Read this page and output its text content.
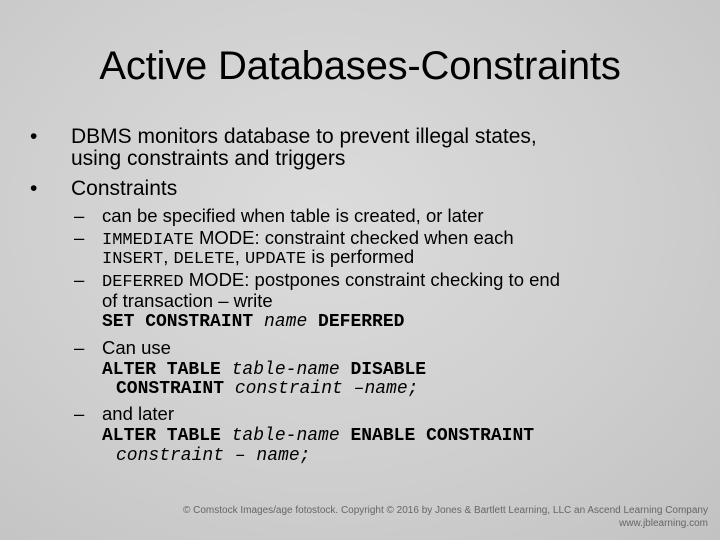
Active Databases-Constraints
• DBMS monitors database to prevent illegal states,
using constraints and triggers
• Constraints
– can be specified when table is created, or later
– IMMEDIATE MODE: constraint checked when each
INSERT, DELETE, UPDATE is performed
– DEFERRED MODE: postpones constraint checking to end
of transaction – write
SET CONSTRAINT name DEFERRED
– Can use
ALTER TABLE table-name DISABLE
CONSTRAINT constraint –name;
– and later
ALTER TABLE table-name ENABLE CONSTRAINT
constraint – name;
© Comstock Images/age fotostock. Copyright © 2016 by Jones & Bartlett Learning, LLC an Ascend Learning Company
www.jblearning.com
